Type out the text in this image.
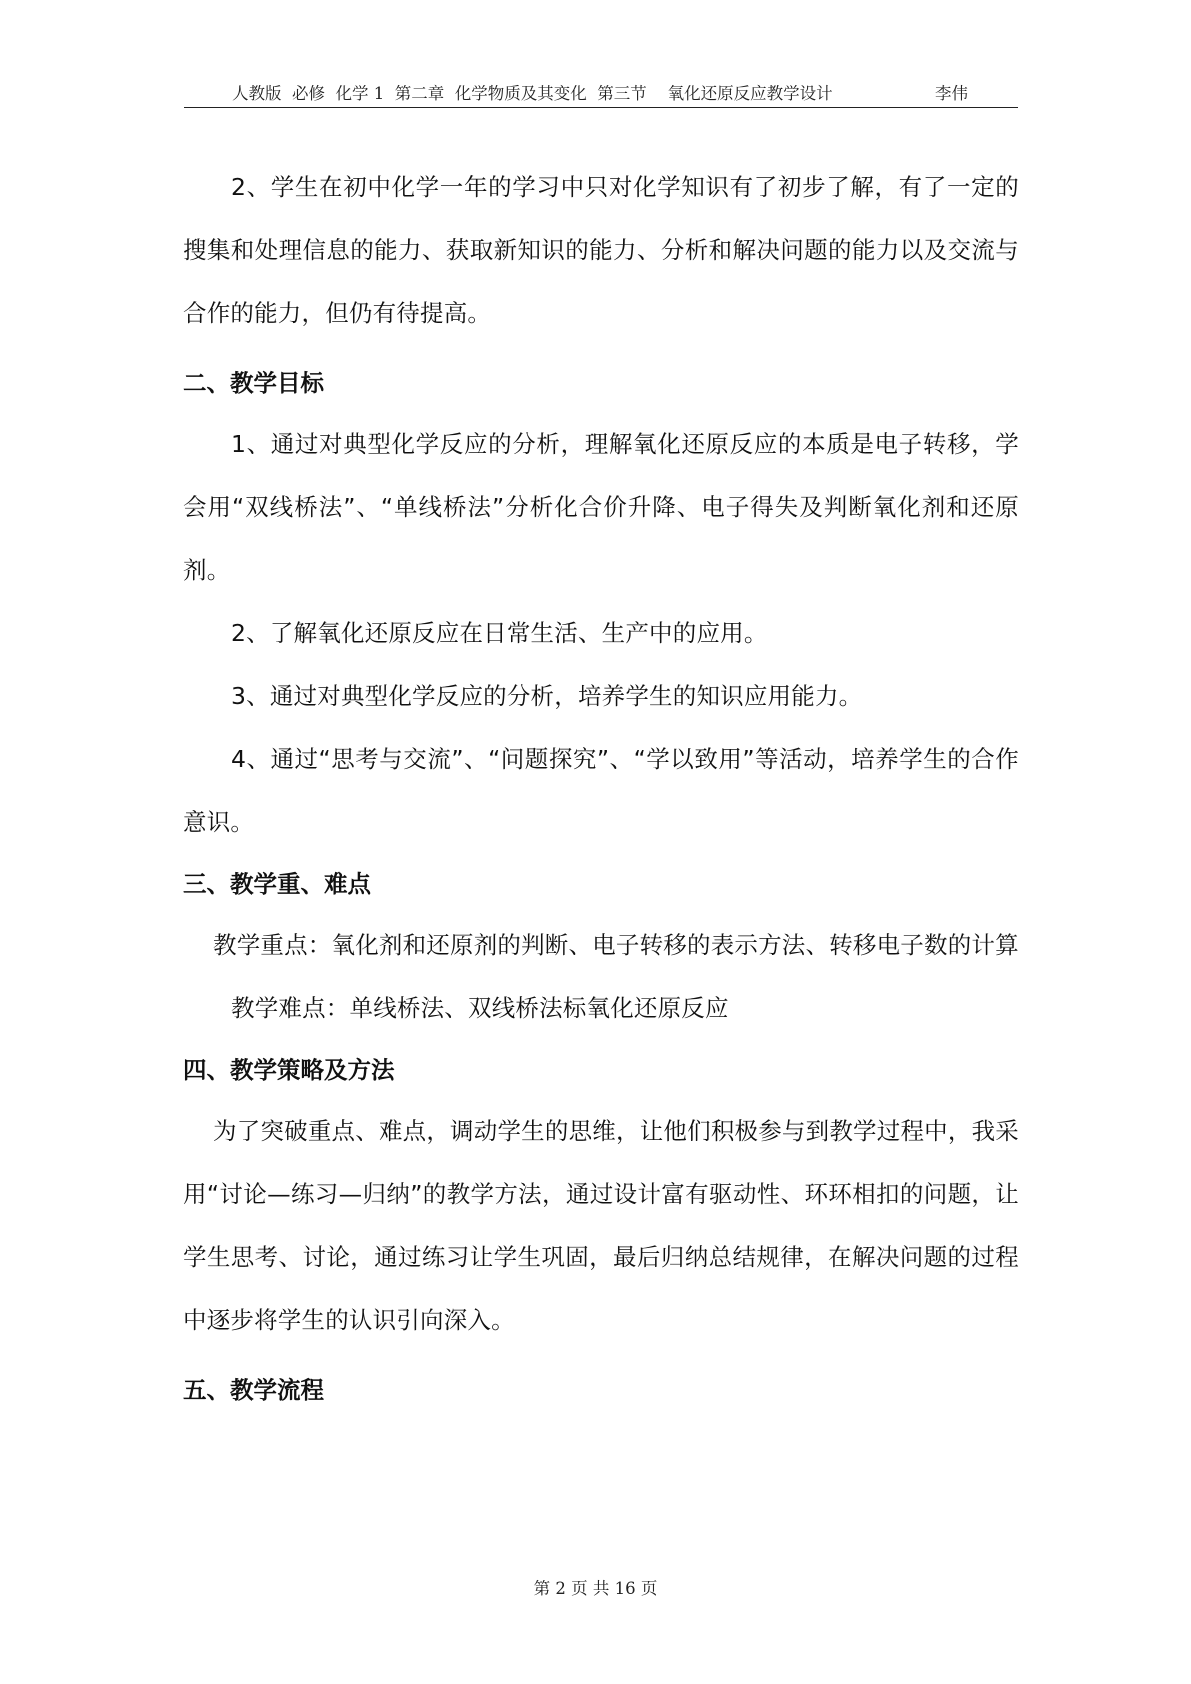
人教版  必修  化学 1  第二章  化学物质及其变化  第三节    氧化还原反应教学设计	李伟

2、学生在初中化学一年的学习中只对化学知识有了初步了解，有了一定的搜集和处理信息的能力、获取新知识的能力、分析和解决问题的能力以及交流与合作的能力，但仍有待提高。

二、教学目标

1、通过对典型化学反应的分析，理解氧化还原反应的本质是电子转移，学会用“双线桥法”、“单线桥法”分析化合价升降、电子得失及判断氧化剂和还原剂。

2、了解氧化还原反应在日常生活、生产中的应用。

3、通过对典型化学反应的分析，培养学生的知识应用能力。

4、通过“思考与交流”、“问题探究”、“学以致用”等活动，培养学生的合作意识。

三、教学重、难点

教学重点：氧化剂和还原剂的判断、电子转移的表示方法、转移电子数的计算

教学难点：单线桥法、双线桥法标氧化还原反应

四、教学策略及方法

为了突破重点、难点，调动学生的思维，让他们积极参与到教学过程中，我采用“讨论—练习—归纳”的教学方法，通过设计富有驱动性、环环相扣的问题，让学生思考、讨论，通过练习让学生巩固，最后归纳总结规律，在解决问题的过程中逐步将学生的认识引向深入。

五、教学流程

第 2 页 共 16 页
